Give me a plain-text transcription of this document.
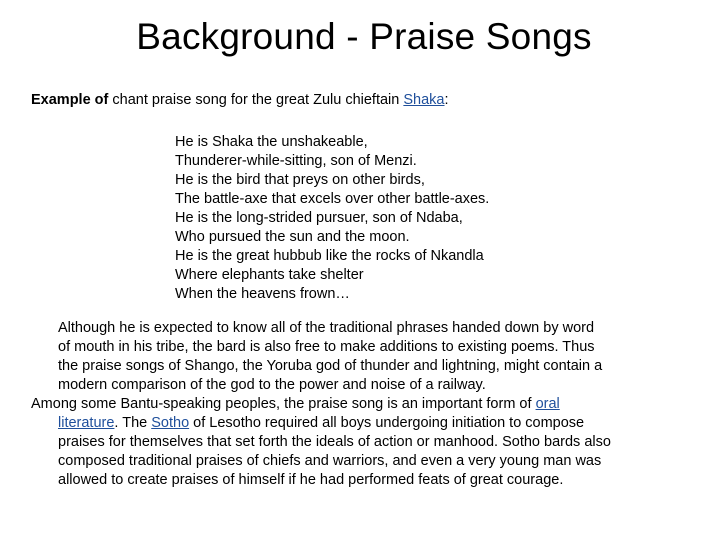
Background - Praise Songs
Example of chant praise song for the great Zulu chieftain Shaka:
He is Shaka the unshakeable,
Thunderer-while-sitting, son of Menzi.
He is the bird that preys on other birds,
The battle-axe that excels over other battle-axes.
He is the long-strided pursuer, son of Ndaba,
Who pursued the sun and the moon.
He is the great hubbub like the rocks of Nkandla
Where elephants take shelter
When the heavens frown…
Although he is expected to know all of the traditional phrases handed down by word
of mouth in his tribe, the bard is also free to make additions to existing poems. Thus
the praise songs of Shango, the Yoruba god of thunder and lightning, might contain a
modern comparison of the god to the power and noise of a railway.
Among some Bantu-speaking peoples, the praise song is an important form of oral
literature. The Sotho of Lesotho required all boys undergoing initiation to compose
praises for themselves that set forth the ideals of action or manhood. Sotho bards also
composed traditional praises of chiefs and warriors, and even a very young man was
allowed to create praises of himself if he had performed feats of great courage.
